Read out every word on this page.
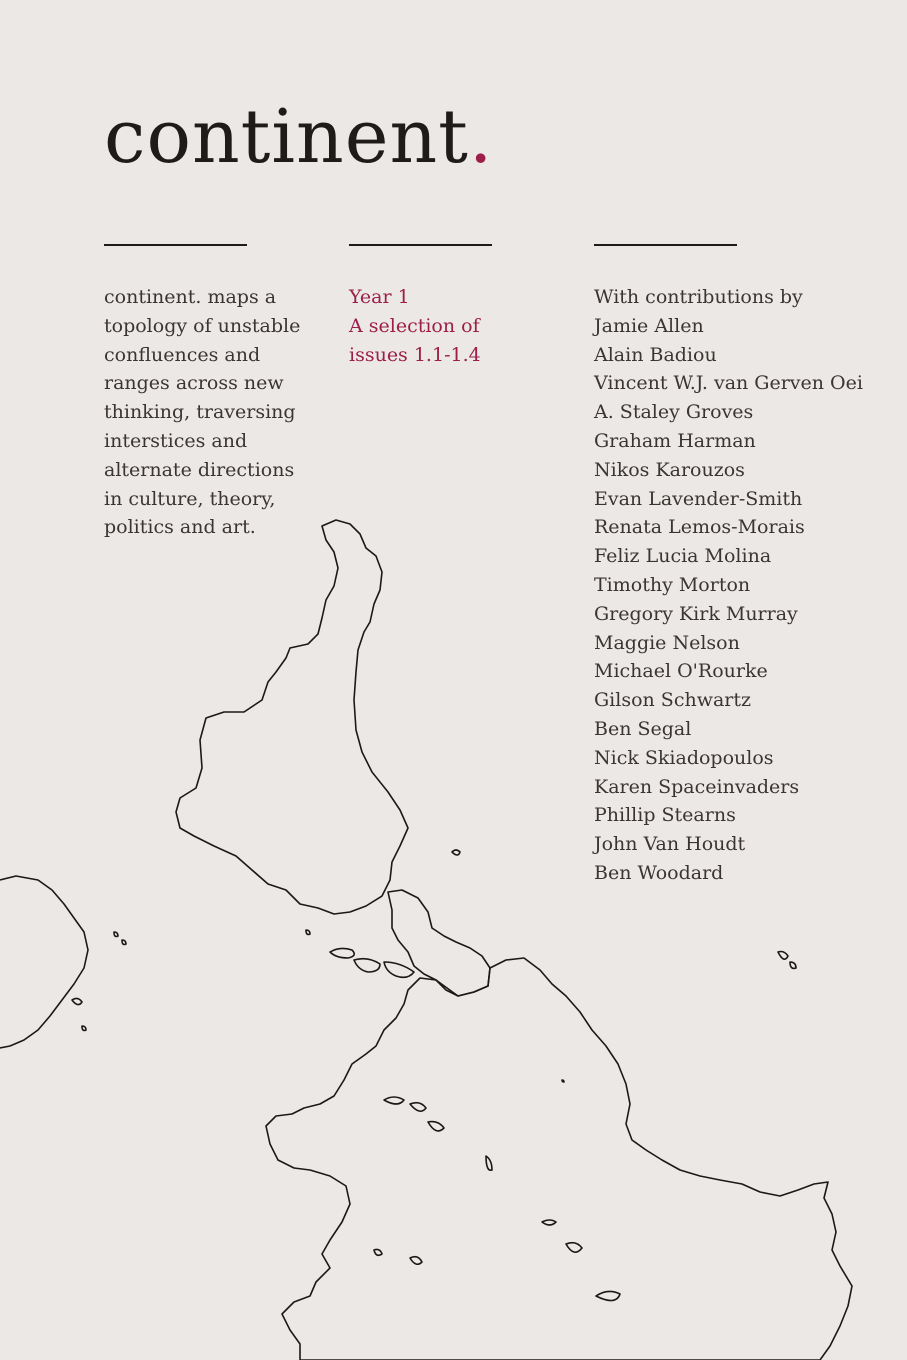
continent.
continent. maps a
topology of unstable
confluences and
ranges across new
thinking, traversing
interstices and
alternate directions
in culture, theory,
politics and art.
Year 1
A selection of
issues 1.1-1.4
With contributions by
Jamie Allen
Alain Badiou
Vincent W.J. van Gerven Oei
A. Staley Groves
Graham Harman
Nikos Karouzos
Evan Lavender-Smith
Renata Lemos-Morais
Feliz Lucia Molina
Timothy Morton
Gregory Kirk Murray
Maggie Nelson
Michael O'Rourke
Gilson Schwartz
Ben Segal
Nick Skiadopoulos
Karen Spaceinvaders
Phillip Stearns
John Van Houdt
Ben Woodard
